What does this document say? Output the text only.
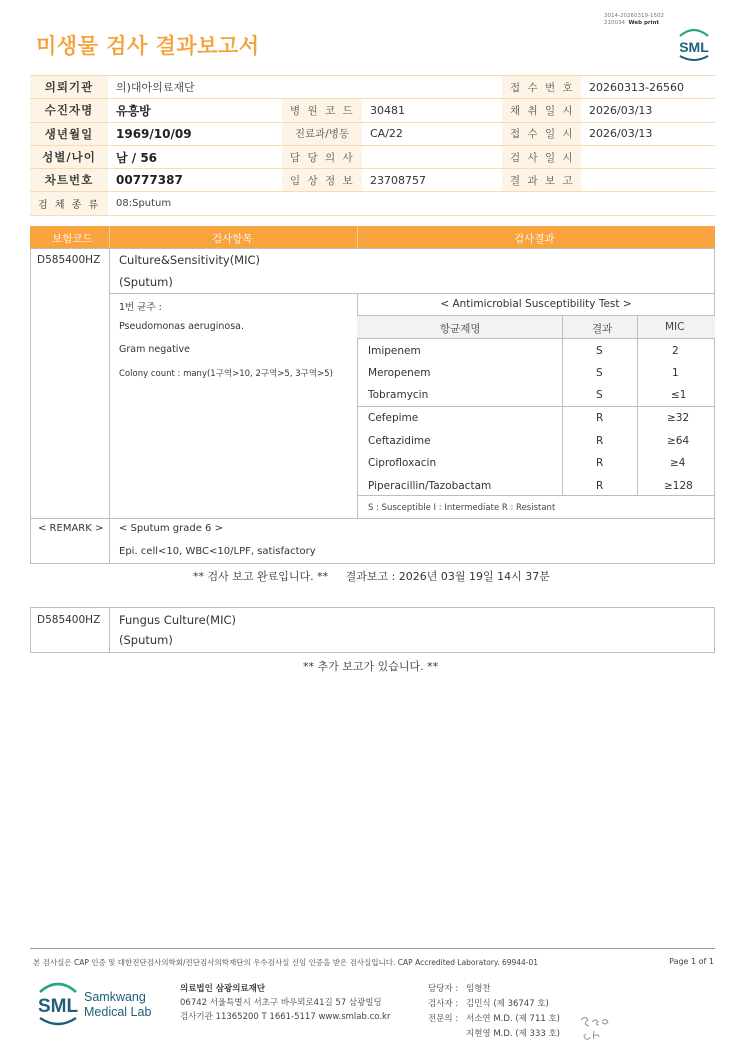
미생물 검사 결과보고서
3014-20260319-1502
210034 Web print
SML
의뢰기관	의)대아의료재단			접 수 번 호	20260313-26560
수진자명	유흥방	병 원 코 드	30481	채 취 일 시	2026/03/13
생년월일	1969/10/09	진료과/병동	CA/22	접 수 일 시	2026/03/13
성별/나이	남 / 56	담 당 의 사		검 사 일 시	
차트번호	00777387	임 상 정 보	23708757	결 과 보 고	
검 체 종 류	08:Sputum				
보험코드	검사항목	검사결과
D585400HZ Culture&Sensitivity(MIC)
(Sputum)
1번 균주 :
Pseudomonas aeruginosa.
Gram negative
Colony count : many(1구역>10, 2구역>5, 3구역>5)
< Antimicrobial Susceptibility Test >
항균제명	결과	MIC
Imipenem	S	2
Meropenem	S	1
Tobramycin	S	≤1
Cefepime	R	≥32
Ceftazidime	R	≥64
Ciprofloxacin	R	≥4
Piperacillin/Tazobactam	R	≥128
S : Susceptible I : Intermediate R : Resistant
< REMARK > < Sputum grade 6 >
Epi. cell<10, WBC<10/LPF, satisfactory
** 검사 보고 완료입니다. **     결과보고 : 2026년 03월 19일 14시 37분
D585400HZ Fungus Culture(MIC)
(Sputum)
** 추가 보고가 있습니다. **
본 검사실은 CAP 인증 및 대한진단검사의학회/진단검사의학재단의 우수검사실 신임 인증을 받은 검사실입니다. CAP Accredited Laboratory. 69944-01	Page 1 of 1
SML Samkwang
Medical Lab
의료법인 삼광의료재단
06742 서울특별시 서초구 바우뫼로41길 57 삼광빌딩
검사기관 11365200 T 1661-5117 www.smlab.co.kr
담당자 : 임형찬
검사자 : 김민식 (제 36747 호)
전문의 : 서소연 M.D. (제 711 호)
지현영 M.D. (제 333 호)
